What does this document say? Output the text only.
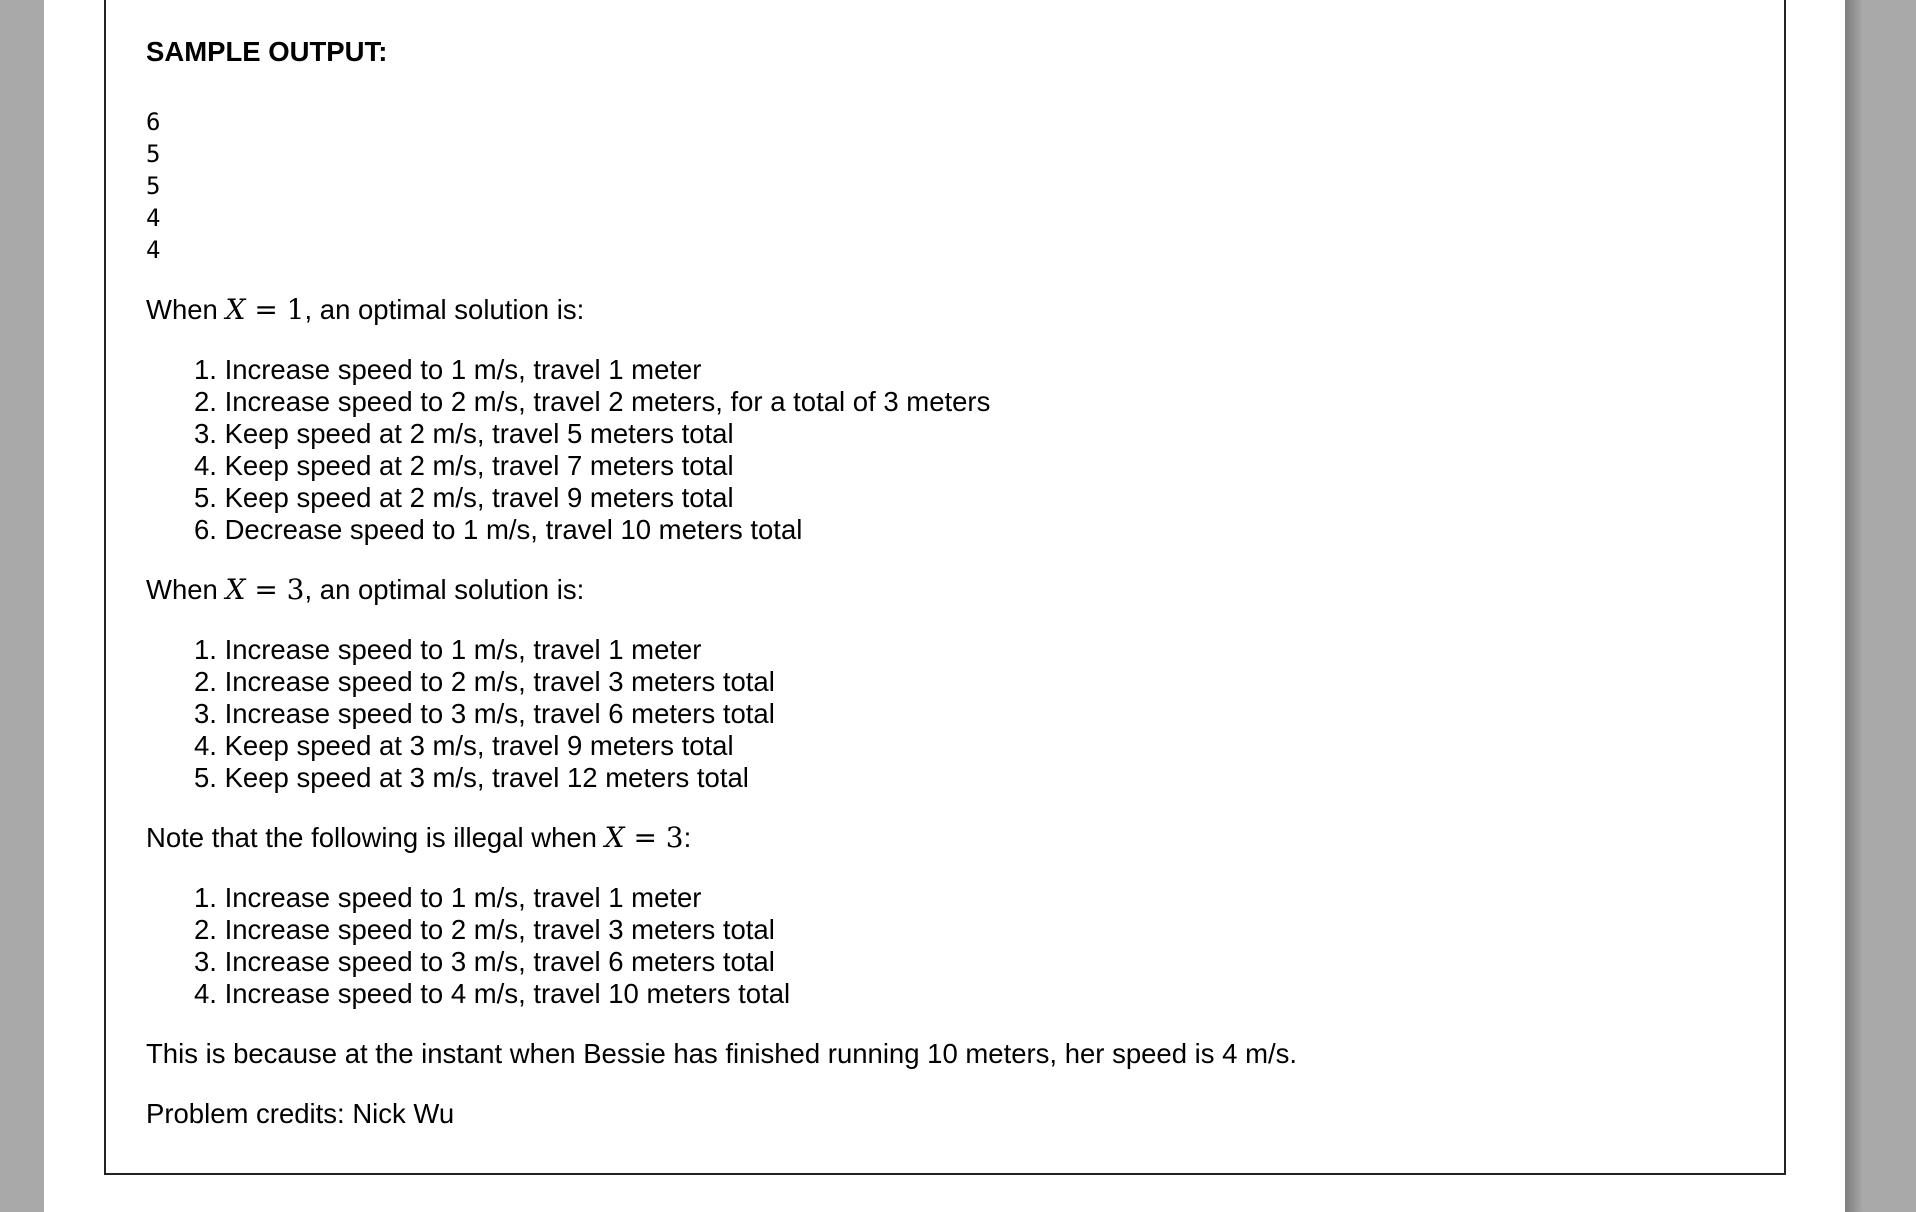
SAMPLE OUTPUT:
6
5
5
4
4
When X = 1, an optimal solution is:
1. Increase speed to 1 m/s, travel 1 meter
2. Increase speed to 2 m/s, travel 2 meters, for a total of 3 meters
3. Keep speed at 2 m/s, travel 5 meters total
4. Keep speed at 2 m/s, travel 7 meters total
5. Keep speed at 2 m/s, travel 9 meters total
6. Decrease speed to 1 m/s, travel 10 meters total
When X = 3, an optimal solution is:
1. Increase speed to 1 m/s, travel 1 meter
2. Increase speed to 2 m/s, travel 3 meters total
3. Increase speed to 3 m/s, travel 6 meters total
4. Keep speed at 3 m/s, travel 9 meters total
5. Keep speed at 3 m/s, travel 12 meters total
Note that the following is illegal when X = 3:
1. Increase speed to 1 m/s, travel 1 meter
2. Increase speed to 2 m/s, travel 3 meters total
3. Increase speed to 3 m/s, travel 6 meters total
4. Increase speed to 4 m/s, travel 10 meters total
This is because at the instant when Bessie has finished running 10 meters, her speed is 4 m/s.
Problem credits: Nick Wu
